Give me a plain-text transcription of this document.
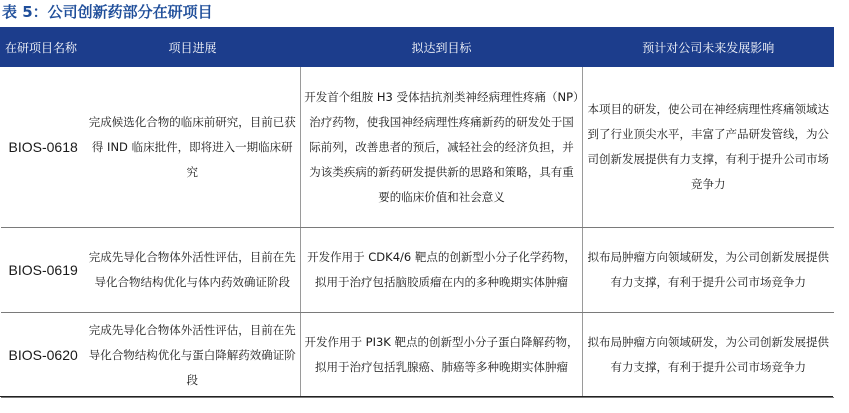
表 5：公司创新药部分在研项目
在研项目名称	项目进展	拟达到目标	预计对公司未来发展影响
BIOS-0618	完成候选化合物的临床前研究，目前已获得 IND 临床批件，即将进入一期临床研究	开发首个组胺 H3 受体拮抗剂类神经病理性疼痛（NP）治疗药物，使我国神经病理性疼痛新药的研发处于国际前列，改善患者的预后，减轻社会的经济负担，并为该类疾病的新药研发提供新的思路和策略，具有重要的临床价值和社会意义	本项目的研发，使公司在神经病理性疼痛领域达到了行业顶尖水平，丰富了产品研发管线，为公司创新发展提供有力支撑，有利于提升公司市场竞争力
BIOS-0619	完成先导化合物体外活性评估，目前在先导化合物结构优化与体内药效确证阶段	开发作用于 CDK4/6 靶点的创新型小分子化学药物，拟用于治疗包括脑胶质瘤在内的多种晚期实体肿瘤	拟布局肿瘤方向领域研发，为公司创新发展提供有力支撑，有利于提升公司市场竞争力
BIOS-0620	完成先导化合物体外活性评估，目前在先导化合物结构优化与蛋白降解药效确证阶段	开发作用于 PI3K 靶点的创新型小分子蛋白降解药物，拟用于治疗包括乳腺癌、肺癌等多种晚期实体肿瘤	拟布局肿瘤方向领域研发，为公司创新发展提供有力支撑，有利于提升公司市场竞争力
